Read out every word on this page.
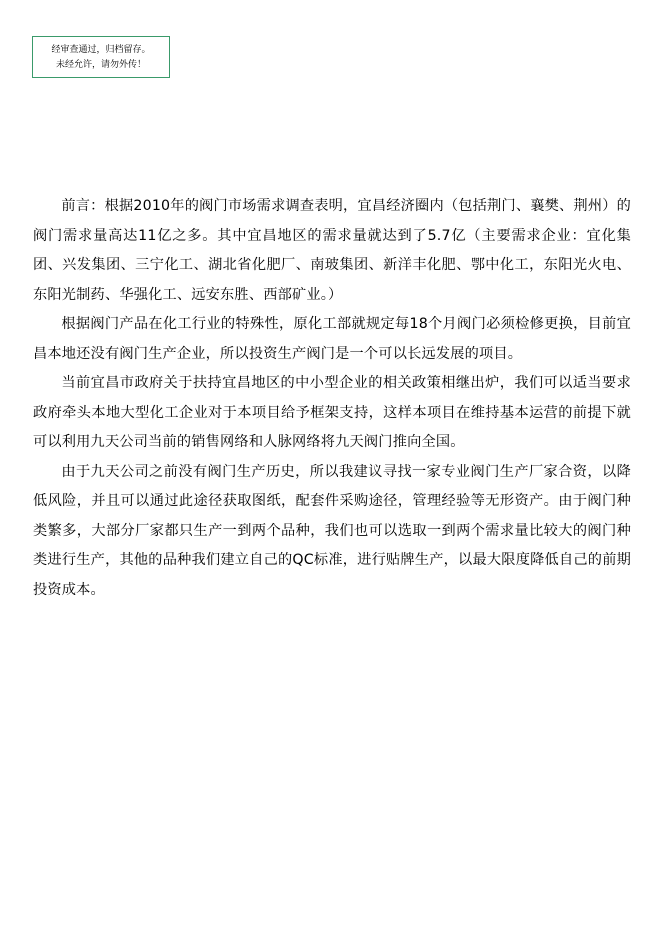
经审查通过，归档留存。
未经允许，请勿外传！

前言：根据2010年的阀门市场需求调查表明，宜昌经济圈内（包括荆门、襄樊、荆州）的阀门需求量高达11亿之多。其中宜昌地区的需求量就达到了5.7亿（主要需求企业：宜化集团、兴发集团、三宁化工、湖北省化肥厂、南玻集团、新洋丰化肥、鄂中化工，东阳光火电、东阳光制药、华强化工、远安东胜、西部矿业。）

根据阀门产品在化工行业的特殊性，原化工部就规定每18个月阀门必须检修更换，目前宜昌本地还没有阀门生产企业，所以投资生产阀门是一个可以长远发展的项目。

当前宜昌市政府关于扶持宜昌地区的中小型企业的相关政策相继出炉，我们可以适当要求政府牵头本地大型化工企业对于本项目给予框架支持，这样本项目在维持基本运营的前提下就可以利用九天公司当前的销售网络和人脉网络将九天阀门推向全国。

由于九天公司之前没有阀门生产历史，所以我建议寻找一家专业阀门生产厂家合资，以降低风险，并且可以通过此途径获取图纸，配套件采购途径，管理经验等无形资产。由于阀门种类繁多，大部分厂家都只生产一到两个品种，我们也可以选取一到两个需求量比较大的阀门种类进行生产，其他的品种我们建立自己的QC标准，进行贴牌生产，以最大限度降低自己的前期投资成本。
